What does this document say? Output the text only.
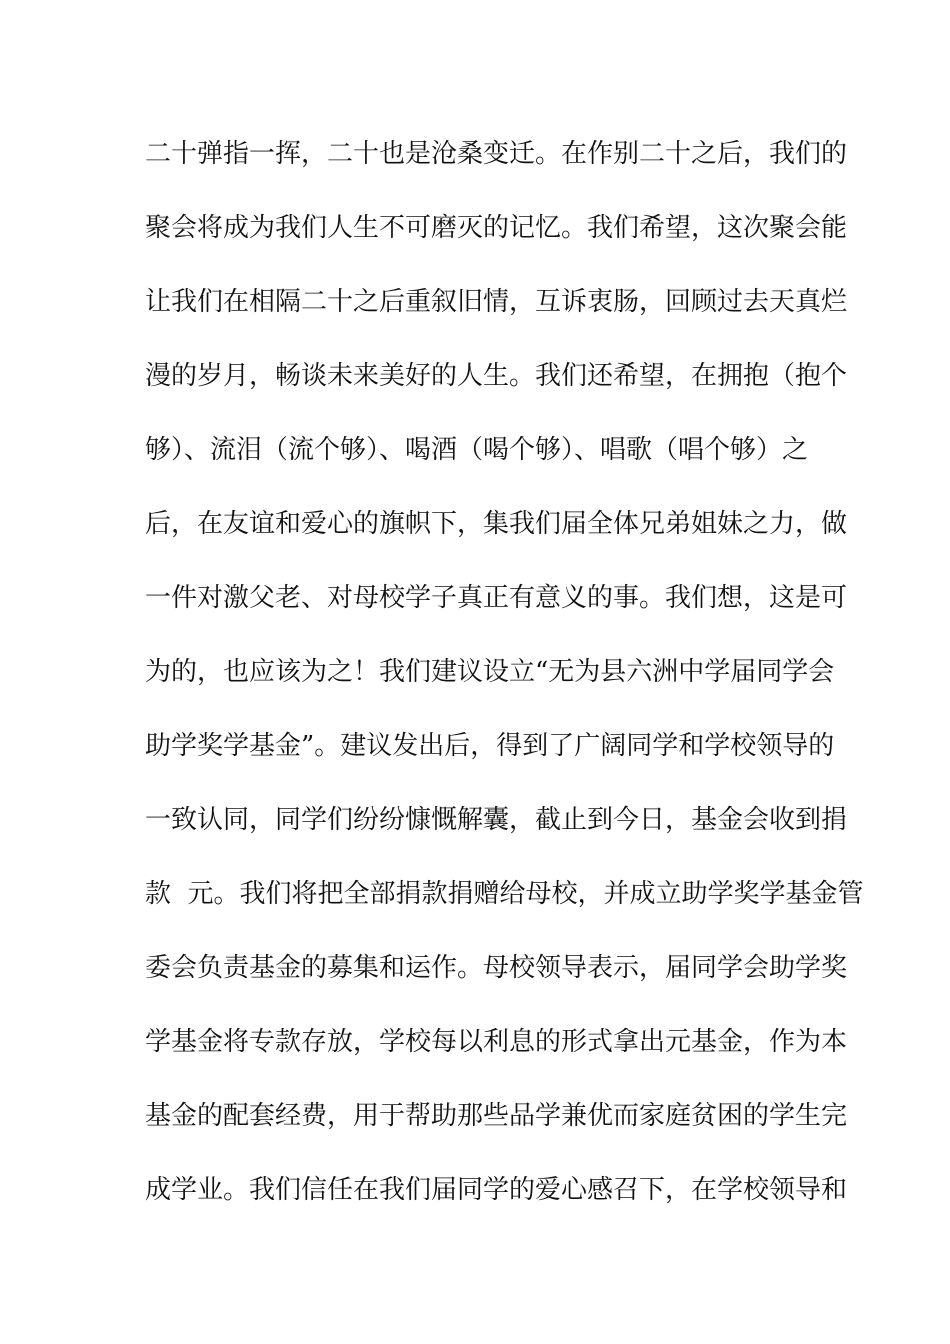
二十弹指一挥，二十也是沧桑变迁。在作别二十之后，我们的
聚会将成为我们人生不可磨灭的记忆。我们希望，这次聚会能
让我们在相隔二十之后重叙旧情，互诉衷肠，回顾过去天真烂
漫的岁月，畅谈未来美好的人生。我们还希望，在拥抱（抱个
够）、流泪（流个够）、喝酒（喝个够）、唱歌（唱个够）之
后，在友谊和爱心的旗帜下，集我们届全体兄弟姐妹之力，做
一件对激父老、对母校学子真正有意义的事。我们想，这是可
为的，也应该为之！我们建议设立“无为县六洲中学届同学会
助学奖学基金”。建议发出后，得到了广阔同学和学校领导的
一致认同，同学们纷纷慷慨解囊，截止到今日，基金会收到捐
款  元。我们将把全部捐款捐赠给母校，并成立助学奖学基金管
委会负责基金的募集和运作。母校领导表示，届同学会助学奖
学基金将专款存放，学校每以利息的形式拿出元基金，作为本
基金的配套经费，用于帮助那些品学兼优而家庭贫困的学生完
成学业。我们信任在我们届同学的爱心感召下，在学校领导和
